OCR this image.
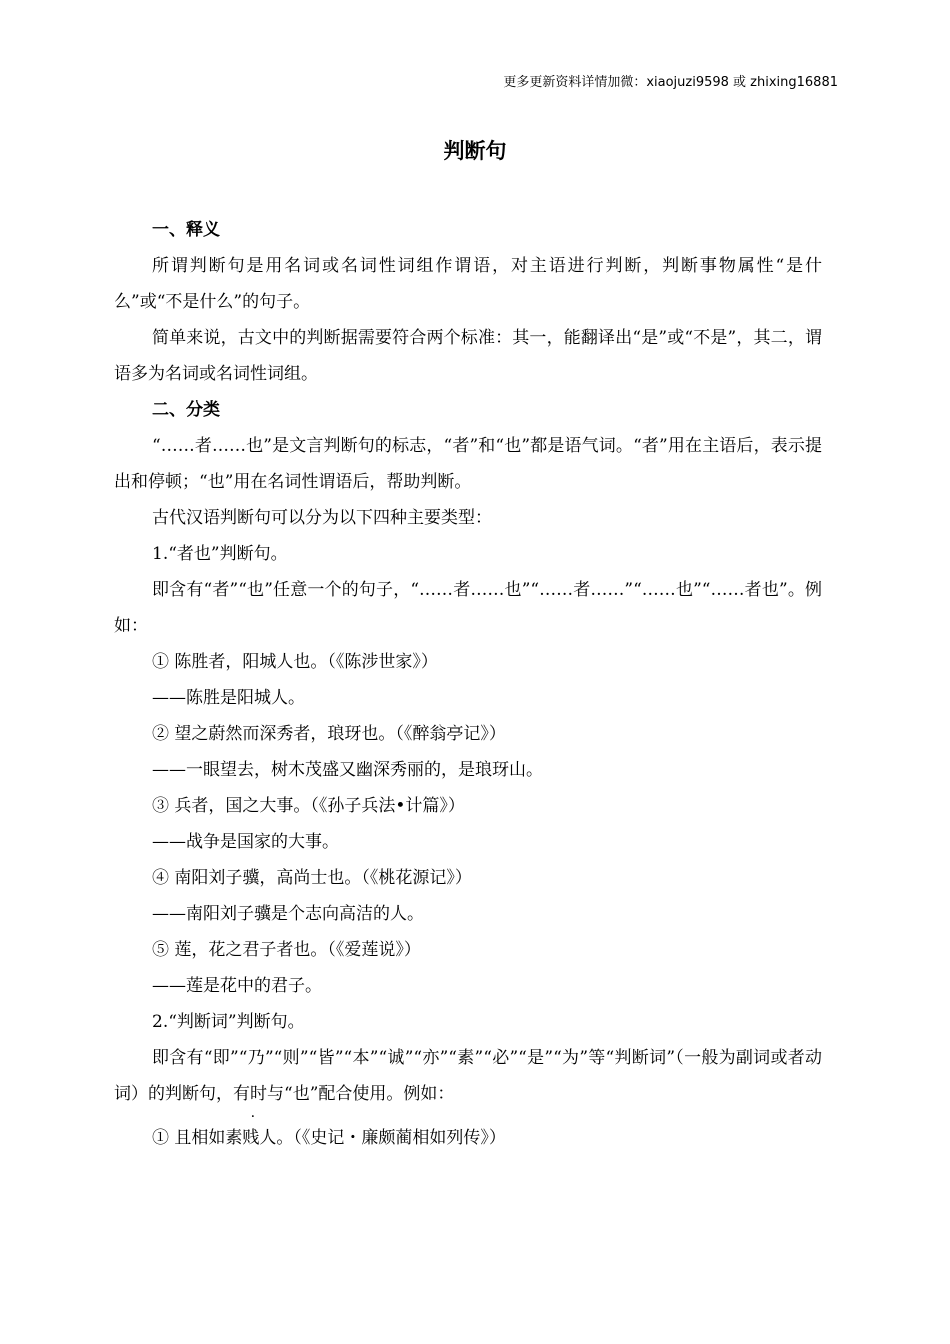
更多更新资料详情加微：xiaojuzi9598 或 zhixing16881
判断句

一、释义

所谓判断句是用名词或名词性词组作谓语，对主语进行判断，判断事物属性“是什么”或“不是什么”的句子。

简单来说，古文中的判断据需要符合两个标准：其一，能翻译出“是”或“不是”，其二，谓语多为名词或名词性词组。

二、分类

“……者……也”是文言判断句的标志，“者”和“也”都是语气词。“者”用在主语后，表示提出和停顿；“也”用在名词性谓语后，帮助判断。

古代汉语判断句可以分为以下四种主要类型：

1.“者也”判断句。

即含有“者”“也”任意一个的句子，“……者……也”“……者……”“……也”“……者也”。例如：

① 陈胜者，阳城人也。（《陈涉世家》）

——陈胜是阳城人。

② 望之蔚然而深秀者，琅玡也。（《醉翁亭记》）

——一眼望去，树木茂盛又幽深秀丽的，是琅玡山。

③ 兵者，国之大事。（《孙子兵法•计篇》）

——战争是国家的大事。

④ 南阳刘子骥，高尚士也。（《桃花源记》）

——南阳刘子骥是个志向高洁的人。

⑤ 莲，花之君子者也。（《爱莲说》）

——莲是花中的君子。

2.“判断词”判断句。

即含有“即”“乃”“则”“皆”“本”“诚”“亦”“素”“必”“是”“为”等“判断词”（一般为副词或者动词）的判断句，有时与“也”配合使用。例如：

① 且相如素贱人。（《史记・廉颇蔺相如列传》）
